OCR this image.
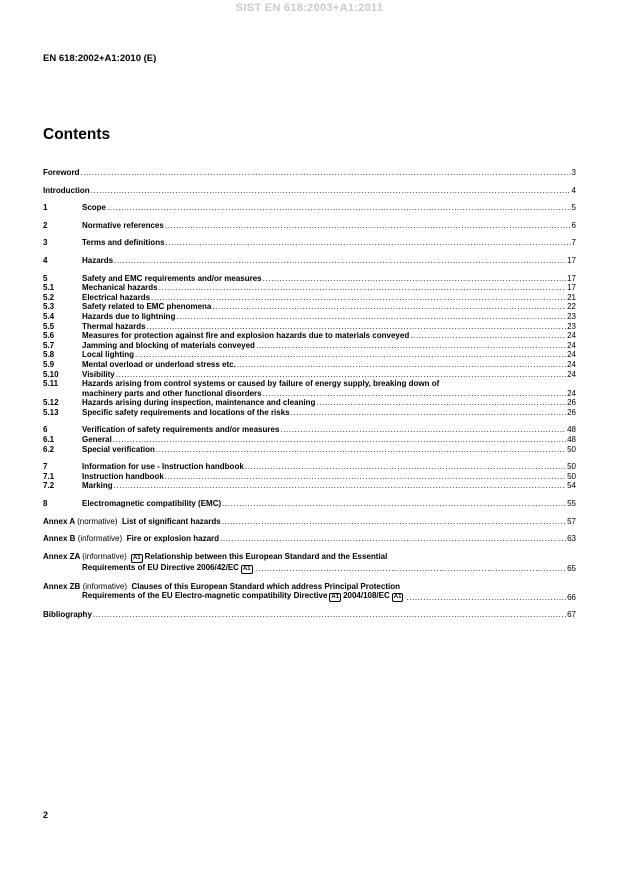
SIST EN 618:2003+A1:2011
EN 618:2002+A1:2010 (E)
Contents
Foreword .....	3
Introduction .....	4
1	Scope .....	5
2	Normative references .....	6
3	Terms and definitions .....	7
4	Hazards .....	17
5	Safety and EMC requirements and/or measures .....	17
5.1	Mechanical hazards .....	17
5.2	Electrical hazards .....	21
5.3	Safety related to EMC phenomena .....	22
5.4	Hazards due to lightning .....	23
5.5	Thermal hazards .....	23
5.6	Measures for protection against fire and explosion hazards due to materials conveyed .....	24
5.7	Jamming and blocking of materials conveyed .....	24
5.8	Local lighting .....	24
5.9	Mental overload or underload stress etc. .....	24
5.10	Visibility .....	24
5.11	Hazards arising from control systems or caused by failure of energy supply, breaking down of
machinery parts and other functional disorders .....	24
5.12	Hazards arising during inspection, maintenance and cleaning .....	26
5.13	Specific safety requirements and locations of the risks .....	26
6	Verification of safety requirements and/or measures .....	48
6.1	General .....	48
6.2	Special verification .....	50
7	Information for use - Instruction handbook .....	50
7.1	Instruction handbook .....	50
7.2	Marking .....	54
8	Electromagnetic compatibility (EMC) .....	55
Annex A (normative) List of significant hazards .....	57
Annex B (informative) Fire or explosion hazard .....	63
Annex ZA (informative) A1 Relationship between this European Standard and the Essential
Requirements of EU Directive 2006/42/EC A1 .....	65
Annex ZB (informative) Clauses of this European Standard which address Principal Protection
Requirements of the EU Electro-magnetic compatibility Directive A1 2004/108/EC A1 .....	66
Bibliography .....	67
2
